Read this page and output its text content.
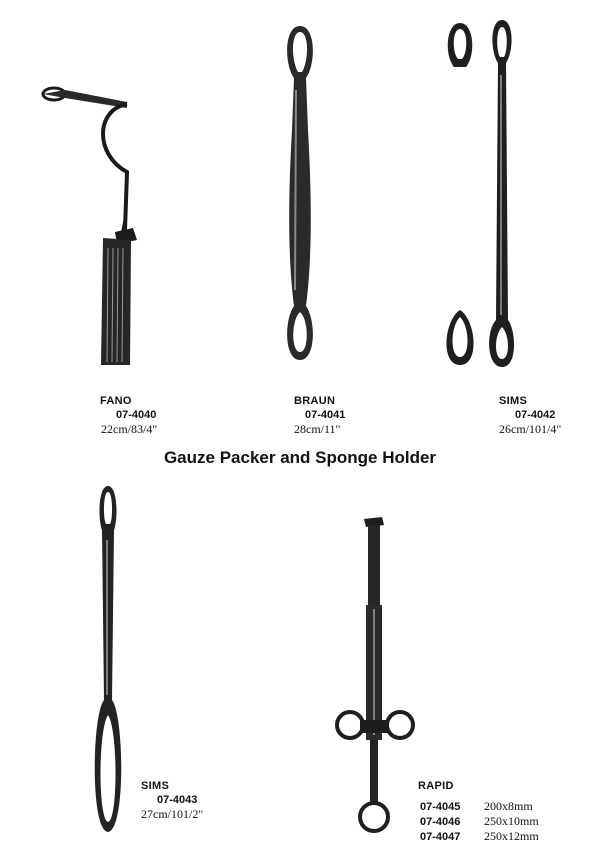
FANO
07-4040
22cm/83/4"
BRAUN
07-4041
28cm/11"
SIMS
07-4042
26cm/101/4"
Gauze Packer and Sponge Holder
SIMS
07-4043
27cm/101/2"
RAPID
07-4045 200x8mm
07-4046 250x10mm
07-4047 250x12mm
